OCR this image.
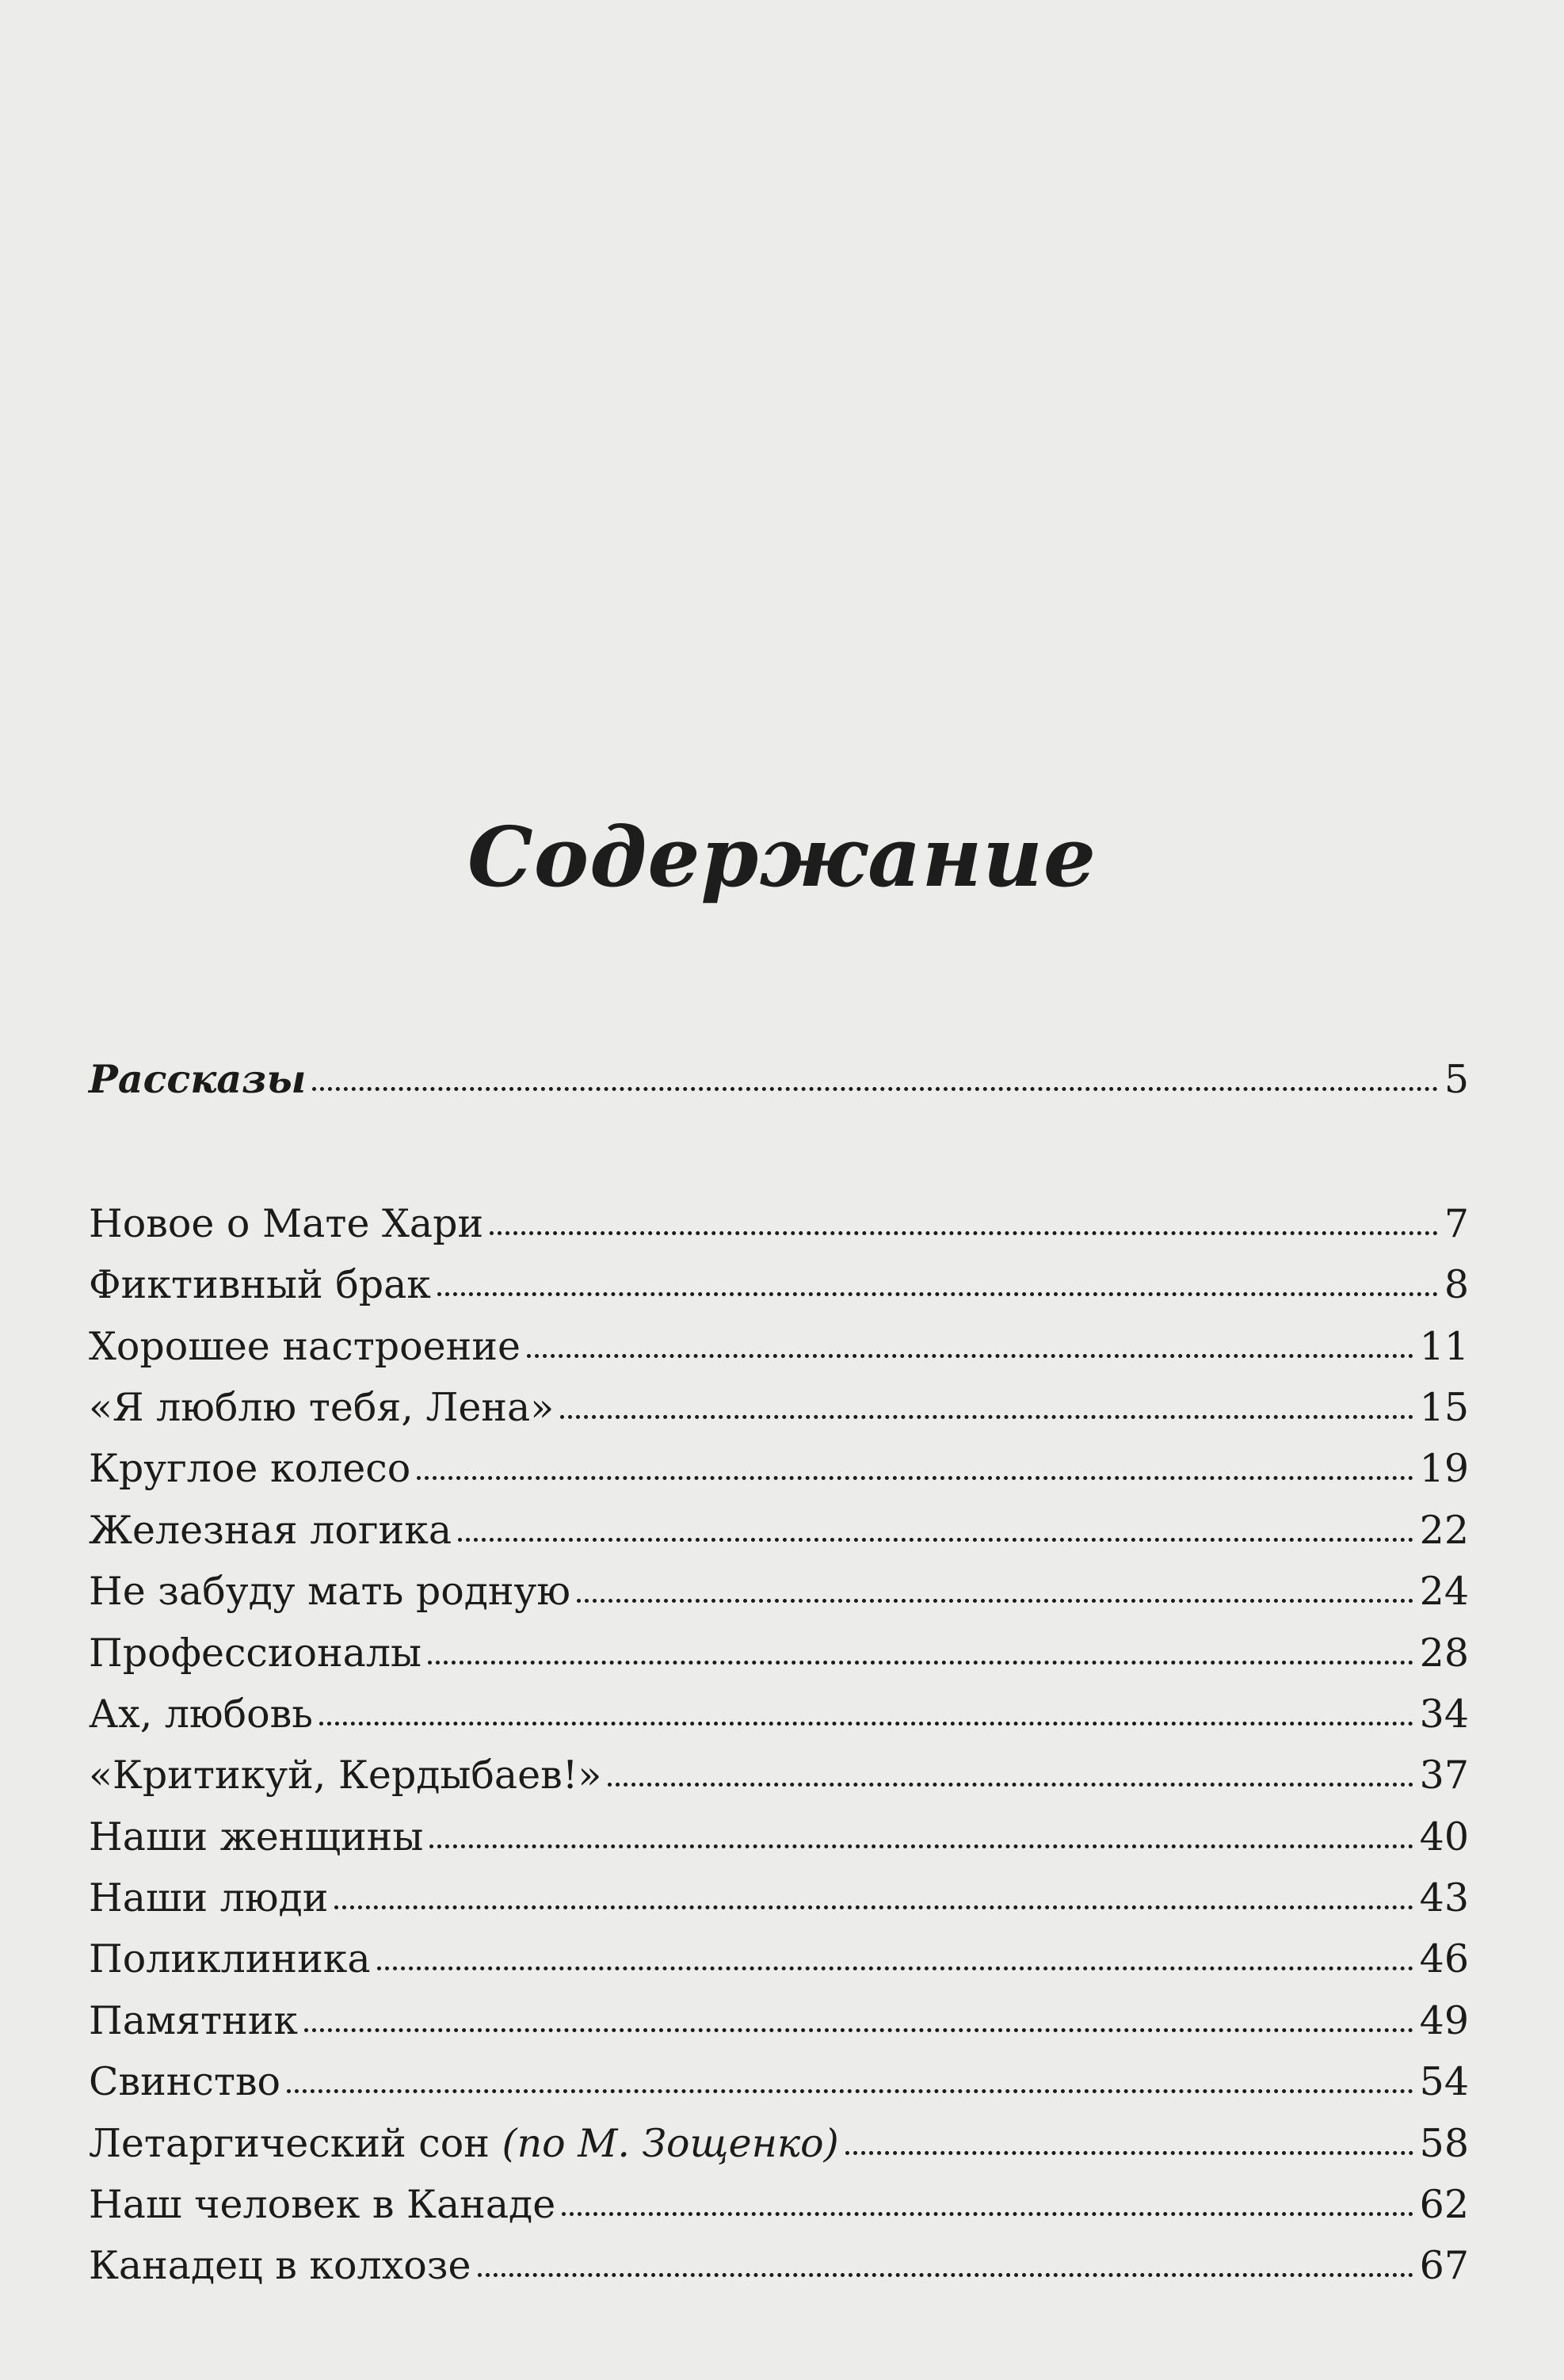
Содержание
Рассказы	5
Новое о Мате Хари	7
Фиктивный брак	8
Хорошее настроение	11
«Я люблю тебя, Лена»	15
Круглое колесо	19
Железная логика	22
Не забуду мать родную	24
Профессионалы	28
Ах, любовь	34
«Критикуй, Кердыбаев!»	37
Наши женщины	40
Наши люди	43
Поликлиника	46
Памятник	49
Свинство	54
Летаргический сон (по М. Зощенко)	58
Наш человек в Канаде	62
Канадец в колхозе	67
